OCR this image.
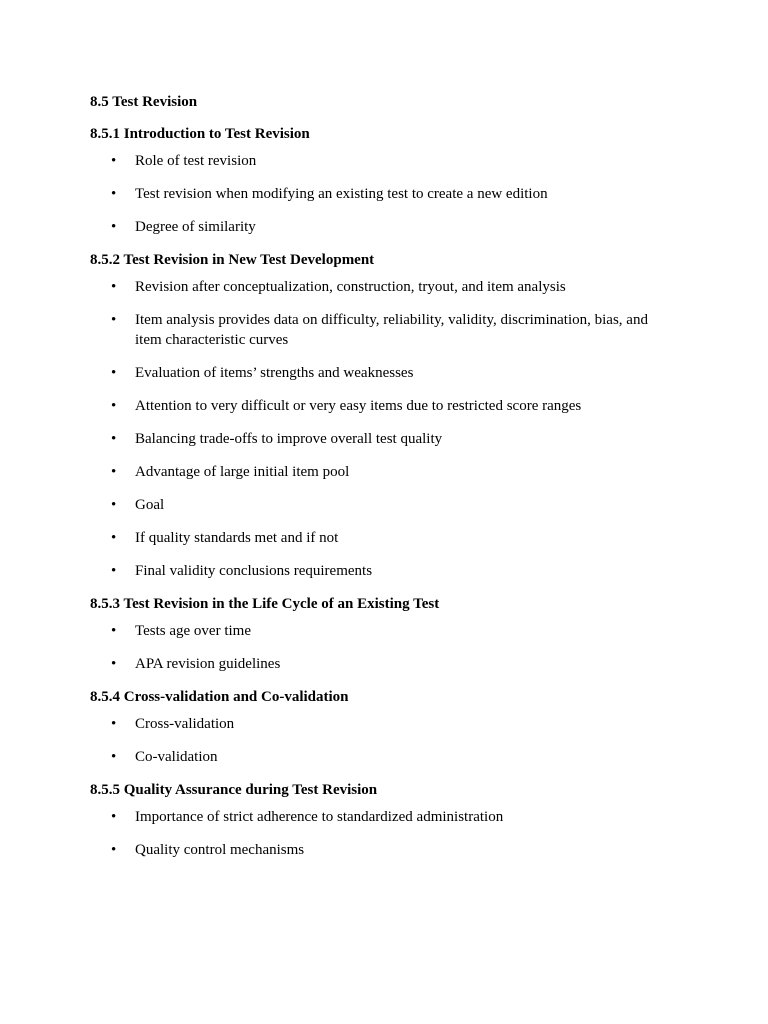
8.5 Test Revision
8.5.1 Introduction to Test Revision
• Role of test revision
• Test revision when modifying an existing test to create a new edition
• Degree of similarity
8.5.2 Test Revision in New Test Development
• Revision after conceptualization, construction, tryout, and item analysis
• Item analysis provides data on difficulty, reliability, validity, discrimination, bias, and item characteristic curves
• Evaluation of items’ strengths and weaknesses
• Attention to very difficult or very easy items due to restricted score ranges
• Balancing trade-offs to improve overall test quality
• Advantage of large initial item pool
• Goal
• If quality standards met and if not
• Final validity conclusions requirements
8.5.3 Test Revision in the Life Cycle of an Existing Test
• Tests age over time
• APA revision guidelines
8.5.4 Cross-validation and Co-validation
• Cross-validation
• Co-validation
8.5.5 Quality Assurance during Test Revision
• Importance of strict adherence to standardized administration
• Quality control mechanisms
